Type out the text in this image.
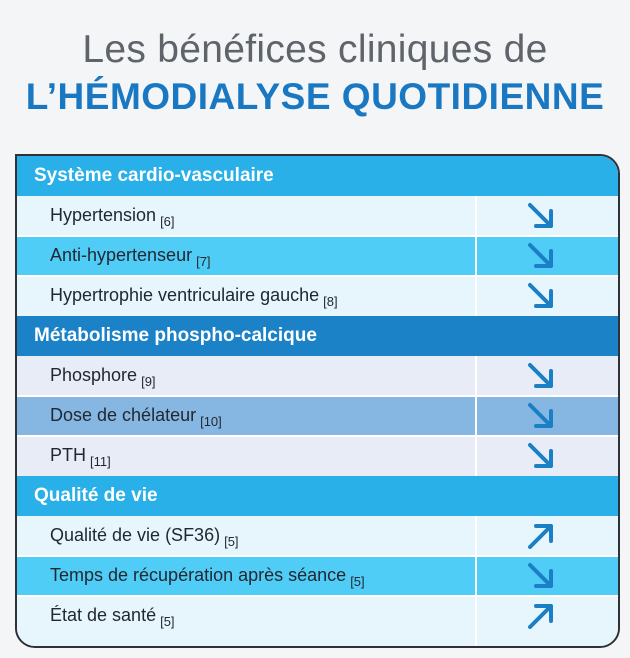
Les bénéfices cliniques de
L’HÉMODIALYSE QUOTIDIENNE
Système cardio-vasculaire
Hypertension $_{[6]}$
Anti-hypertenseur $_{[7]}$
Hypertrophie ventriculaire gauche $_{[8]}$
Métabolisme phospho-calcique
Phosphore $_{[9]}$
Dose de chélateur $_{[10]}$
PTH $_{[11]}$
Qualité de vie
Qualité de vie (SF36) $_{[5]}$
Temps de récupération après séance $_{[5]}$
État de santé $_{[5]}$
